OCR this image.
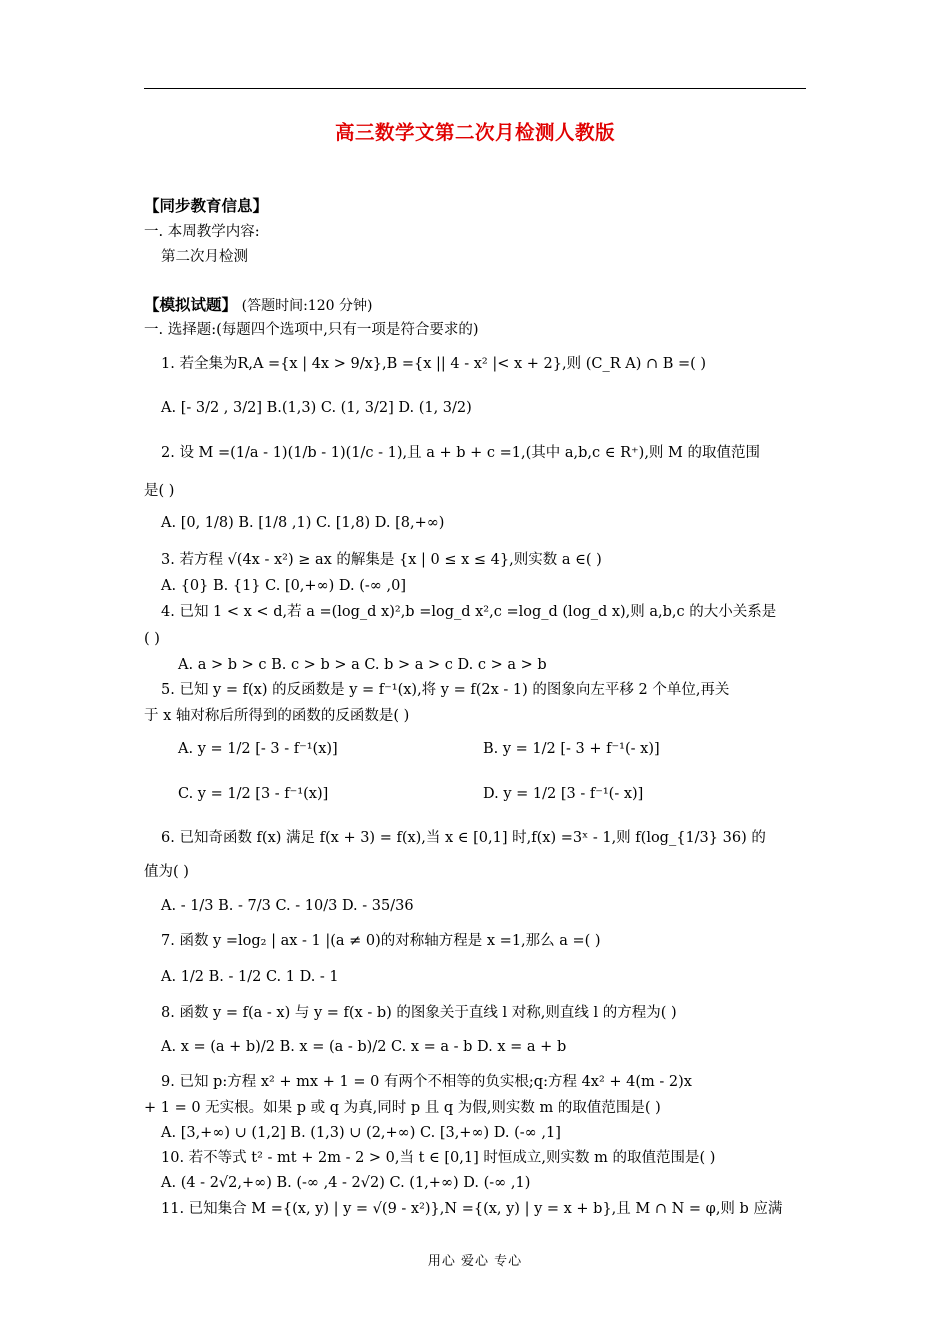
高三数学文第二次月检测人教版
【同步教育信息】
一. 本周教学内容:
第二次月检测
【模拟试题】 (答题时间:120 分钟)
一. 选择题:(每题四个选项中,只有一项是符合要求的)
1. 若全集为R,A ={x | 4x > 9/x},B ={x || 4 - x² |< x + 2},则 (C_R A) ∩ B =( )
A. [- 3/2 , 3/2] B.(1,3) C. (1, 3/2] D. (1, 3/2)
2. 设 M =(1/a - 1)(1/b - 1)(1/c - 1),且 a + b + c =1,(其中 a,b,c ∈ R⁺),则 M 的取值范围
是( )
A. [0, 1/8) B. [1/8 ,1) C. [1,8) D. [8,+∞)
3. 若方程 √(4x - x²) ≥ ax 的解集是 {x | 0 ≤ x ≤ 4},则实数 a ∈( )
A. {0} B. {1} C. [0,+∞) D. (-∞ ,0]
4. 已知 1 < x < d,若 a =(log_d x)²,b =log_d x²,c =log_d (log_d x),则 a,b,c 的大小关系是
( )
A. a > b > c B. c > b > a C. b > a > c D. c > a > b
5. 已知 y = f(x) 的反函数是 y = f⁻¹(x),将 y = f(2x - 1) 的图象向左平移 2 个单位,再关
于 x 轴对称后所得到的函数的反函数是( )
A. y = 1/2 [- 3 - f⁻¹(x)]	B. y = 1/2 [- 3 + f⁻¹(- x)]
C. y = 1/2 [3 - f⁻¹(x)]	D. y = 1/2 [3 - f⁻¹(- x)]
6. 已知奇函数 f(x) 满足 f(x + 3) = f(x),当 x ∈ [0,1] 时,f(x) =3ˣ - 1,则 f(log_{1/3} 36) 的
值为( )
A. - 1/3 B. - 7/3 C. - 10/3 D. - 35/36
7. 函数 y =log₂ | ax - 1 |(a ≠ 0)的对称轴方程是 x =1,那么 a =( )
A. 1/2 B. - 1/2 C. 1 D. - 1
8. 函数 y = f(a - x) 与 y = f(x - b) 的图象关于直线 l 对称,则直线 l 的方程为( )
A. x = (a + b)/2 B. x = (a - b)/2 C. x = a - b D. x = a + b
9. 已知 p:方程 x² + mx + 1 = 0 有两个不相等的负实根;q:方程 4x² + 4(m - 2)x
+ 1 = 0 无实根。如果 p 或 q 为真,同时 p 且 q 为假,则实数 m 的取值范围是( )
A. [3,+∞) ∪ (1,2] B. (1,3) ∪ (2,+∞) C. [3,+∞) D. (-∞ ,1]
10. 若不等式 t² - mt + 2m - 2 > 0,当 t ∈ [0,1] 时恒成立,则实数 m 的取值范围是( )
A. (4 - 2√2,+∞) B. (-∞ ,4 - 2√2) C. (1,+∞) D. (-∞ ,1)
11. 已知集合 M ={(x, y) | y = √(9 - x²)},N ={(x, y) | y = x + b},且 M ∩ N = φ,则 b 应满
用心 爱心 专心
